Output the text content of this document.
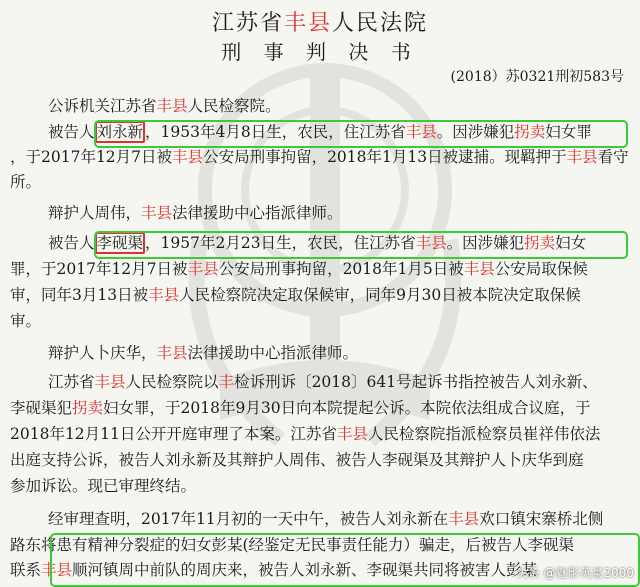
江苏省丰县人民法院
刑 事 判 决 书
(2018）苏0321刑初583号
公诉机关江苏省丰县人民检察院。
被告人 刘永新 ，1953年4月8日生，农民，住江苏省丰县。因涉嫌犯拐卖妇女罪
，于2017年12月7日被丰县公安局刑事拘留，2018年1月13日被逮捕。现羁押于丰县看守
所。
辩护人周伟，丰县法律援助中心指派律师。
被告人 李砚渠 ，1957年2月23日生，农民，住江苏省丰县。因涉嫌犯拐卖妇女
罪，于2017年12月7日被丰县公安局刑事拘留，2018年1月5日被丰县公安局取保候
审，同年3月13日被丰县人民检察院决定取保候审，同年9月30日被本院决定取保候
审。
辩护人卜庆华，丰县法律援助中心指派律师。
江苏省丰县人民检察院以丰检诉刑诉〔2018〕641号起诉书指控被告人刘永新、
李砚渠犯拐卖妇女罪，于2018年9月30日向本院提起公诉。本院依法组成合议庭，于
2018年12月11日公开开庭审理了本案。江苏省丰县人民检察院指派检察员崔祥伟依法
出庭支持公诉，被告人刘永新及其辩护人周伟、被告人李砚渠及其辩护人卜庆华到庭
参加诉讼。现已审理终结。
经审理查明，2017年11月初的一天中午，被告人刘永新在丰县欢口镇宋寨桥北侧
路东将患有精神分裂症的妇女彭某(经鉴定无民事责任能力）骗走，后被告人李砚渠
联系丰县顺河镇周中前队的周庆来，被告人刘永新、李砚渠共同将被害人彭某
头条 @魅影英豪2000
